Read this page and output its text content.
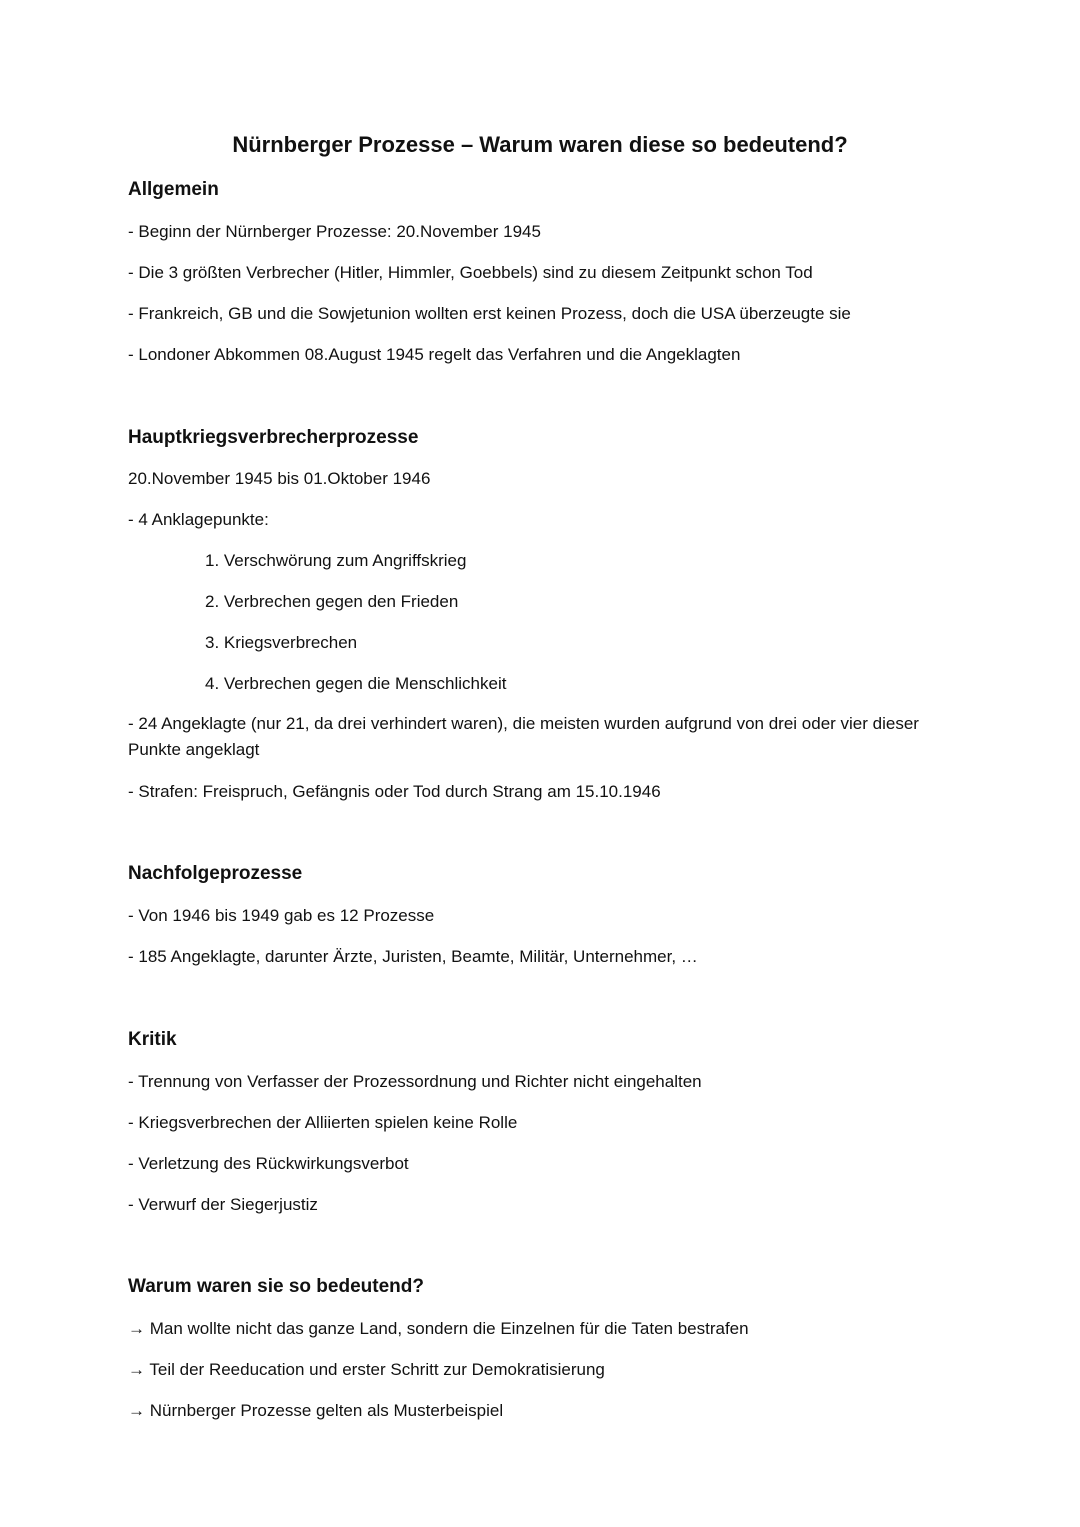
Nürnberger Prozesse – Warum waren diese so bedeutend?
Allgemein
- Beginn der Nürnberger Prozesse: 20.November 1945
- Die 3 größten Verbrecher (Hitler, Himmler, Goebbels) sind zu diesem Zeitpunkt schon Tod
- Frankreich, GB und die Sowjetunion wollten erst keinen Prozess, doch die USA überzeugte sie
- Londoner Abkommen 08.August 1945 regelt das Verfahren und die Angeklagten
Hauptkriegsverbrecherprozesse
20.November 1945 bis 01.Oktober 1946
- 4 Anklagepunkte:
1. Verschwörung zum Angriffskrieg
2. Verbrechen gegen den Frieden
3. Kriegsverbrechen
4. Verbrechen gegen die Menschlichkeit
- 24 Angeklagte (nur 21, da drei verhindert waren), die meisten wurden aufgrund von drei oder vier dieser Punkte angeklagt
- Strafen: Freispruch, Gefängnis oder Tod durch Strang am 15.10.1946
Nachfolgeprozesse
- Von 1946 bis 1949 gab es 12 Prozesse
- 185 Angeklagte, darunter Ärzte, Juristen, Beamte, Militär, Unternehmer, …
Kritik
- Trennung von Verfasser der Prozessordnung und Richter nicht eingehalten
- Kriegsverbrechen der Alliierten spielen keine Rolle
- Verletzung des Rückwirkungsverbot
- Verwurf der Siegerjustiz
Warum waren sie so bedeutend?
→ Man wollte nicht das ganze Land, sondern die Einzelnen für die Taten bestrafen
→ Teil der Reeducation und erster Schritt zur Demokratisierung
→ Nürnberger Prozesse gelten als Musterbeispiel
